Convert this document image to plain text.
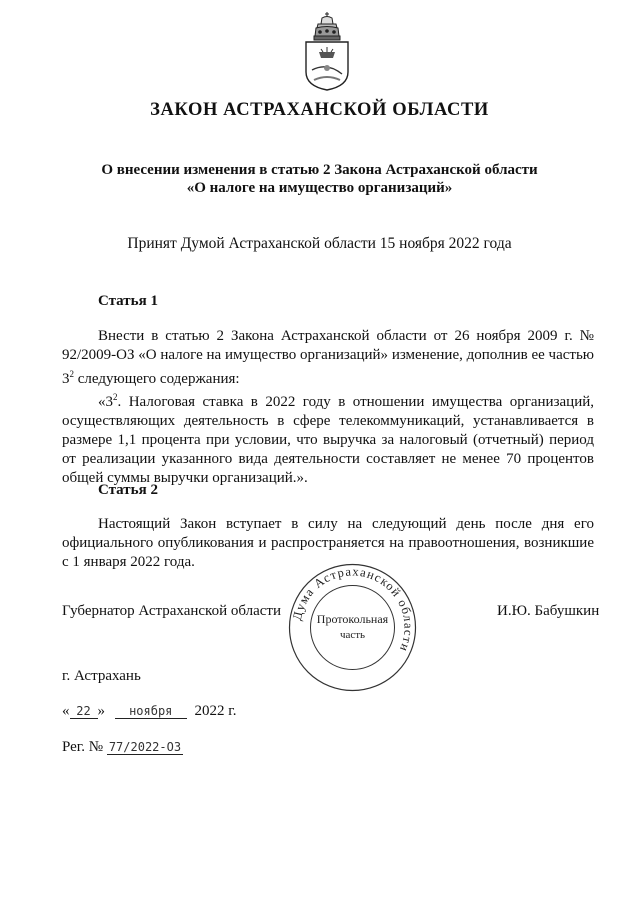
ЗАКОН АСТРАХАНСКОЙ ОБЛАСТИ
О внесении изменения в статью 2 Закона Астраханской области
«О налоге на имущество организаций»
Принят Думой Астраханской области 15 ноября 2022 года
Статья 1

Внести в статью 2 Закона Астраханской области от 26 ноября 2009 г. № 92/2009-ОЗ «О налоге на имущество организаций» изменение, дополнив ее частью $3^2$ следующего содержания:

«$3^2$. Налоговая ставка в 2022 году в отношении имущества организаций, осуществляющих деятельность в сфере телекоммуникаций, устанавливается в размере 1,1 процента при условии, что выручка за налоговый (отчетный) период от реализации указанного вида деятельности составляет не менее 70 процентов общей суммы выручки организаций.».

Статья 2

Настоящий Закон вступает в силу на следующий день после дня его официального опубликования и распространяется на правоотношения, возникшие с 1 января 2022 года.

Губернатор Астраханской области	И.Ю. Бабушкин
Дума Астраханской области
Протокольная
часть
г. Астрахань
« 22 » ноября 2022 г.
Рег. № 77/2022-ОЗ
